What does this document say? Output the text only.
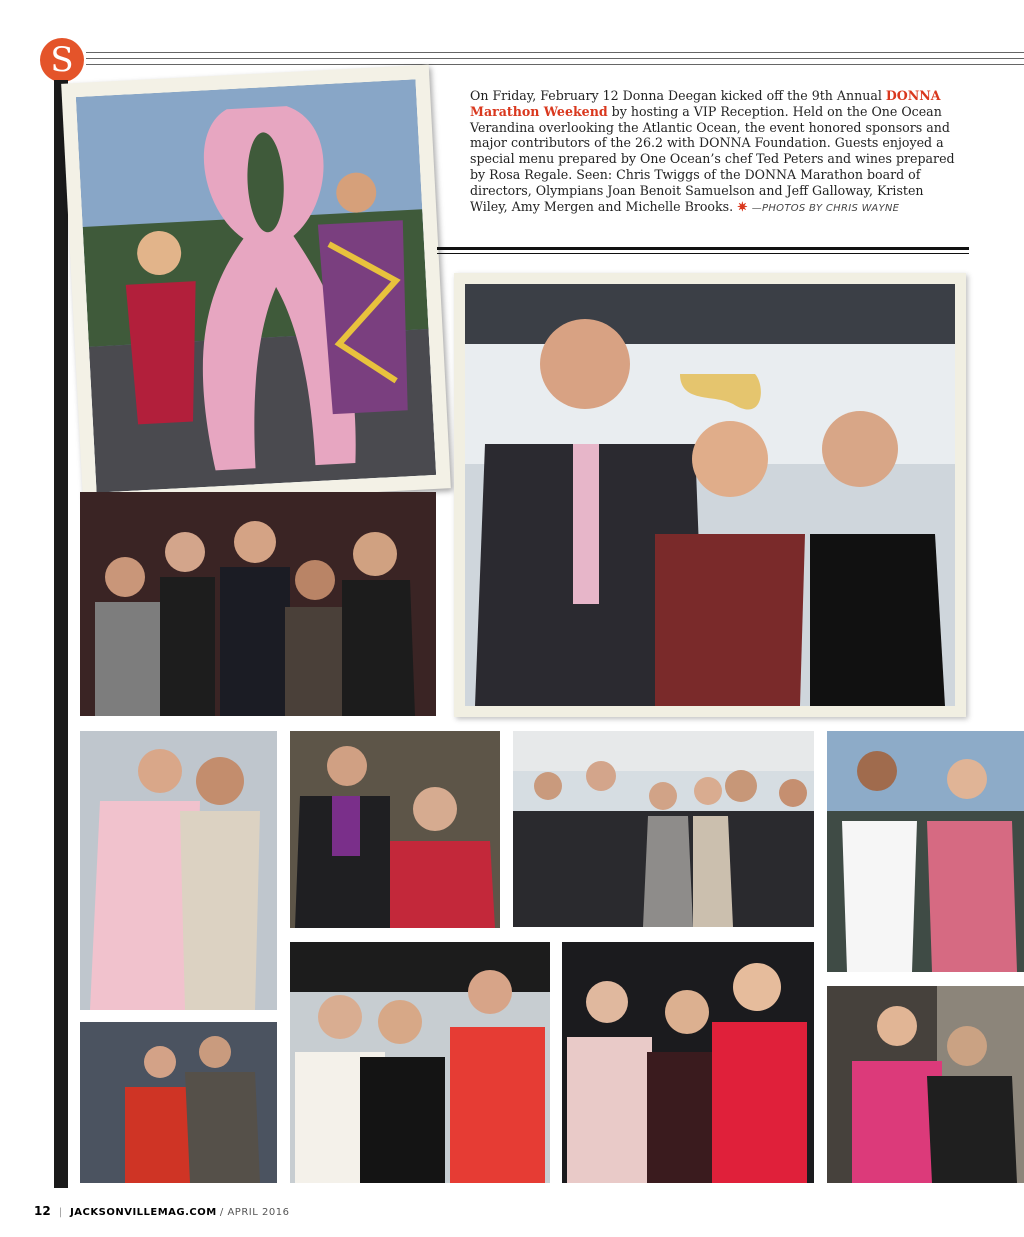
S
On Friday, February 12 Donna Deegan kicked off the 9th Annual DONNA Marathon Weekend by hosting a VIP Reception. Held on the One Ocean Verandina overlooking the Atlantic Ocean, the event honored sponsors and major contributors of the 26.2 with DONNA Foundation. Guests enjoyed a special menu prepared by One Ocean’s chef Ted Peters and wines prepared by Rosa Regale. Seen: Chris Twiggs of the DONNA Marathon board of directors, Olympians Joan Benoit Samuelson and Jeff Galloway, Kristen Wiley, Amy Mergen and Michelle Brooks. ✷ —PHOTOS BY CHRIS WAYNE
12 | JACKSONVILLEMAG.COM / APRIL 2016
